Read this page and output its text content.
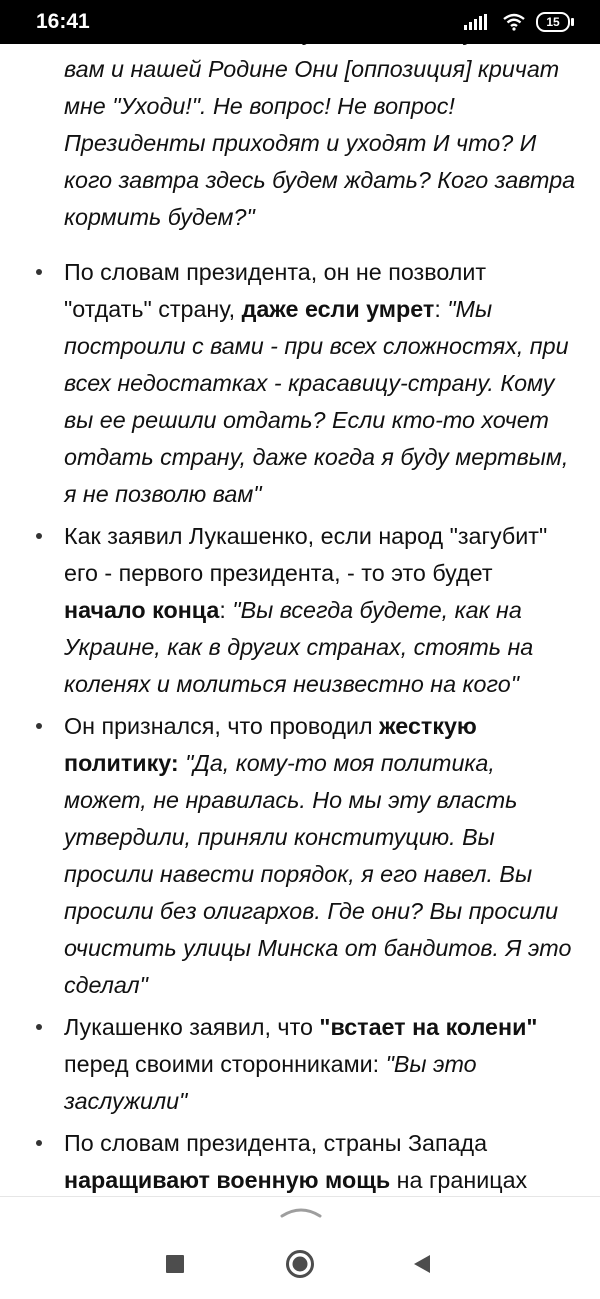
16:41	15
вам и нашей Родине Они [оппозиция] кричат мне "Уходи!". Не вопрос! Не вопрос! Президенты приходят и уходят И что? И кого завтра здесь будем ждать? Кого завтра кормить будем?"
По словам президента, он не позволит "отдать" страну, даже если умрет: "Мы построили с вами - при всех сложностях, при всех недостатках - красавицу-страну. Кому вы ее решили отдать? Если кто-то хочет отдать страну, даже когда я буду мертвым, я не позволю вам"
Как заявил Лукашенко, если народ "загубит" его - первого президента, - то это будет начало конца: "Вы всегда будете, как на Украине, как в других странах, стоять на коленях и молиться неизвестно на кого"
Он признался, что проводил жесткую политику: "Да, кому-то моя политика, может, не нравилась. Но мы эту власть утвердили, приняли конституцию. Вы просили навести порядок, я его навел. Вы просили без олигархов. Где они? Вы просили очистить улицы Минска от бандитов. Я это сделал"
Лукашенко заявил, что "встает на колени" перед своими сторонниками: "Вы это заслужили"
По словам президента, страны Запада наращивают военную мощь на границах
